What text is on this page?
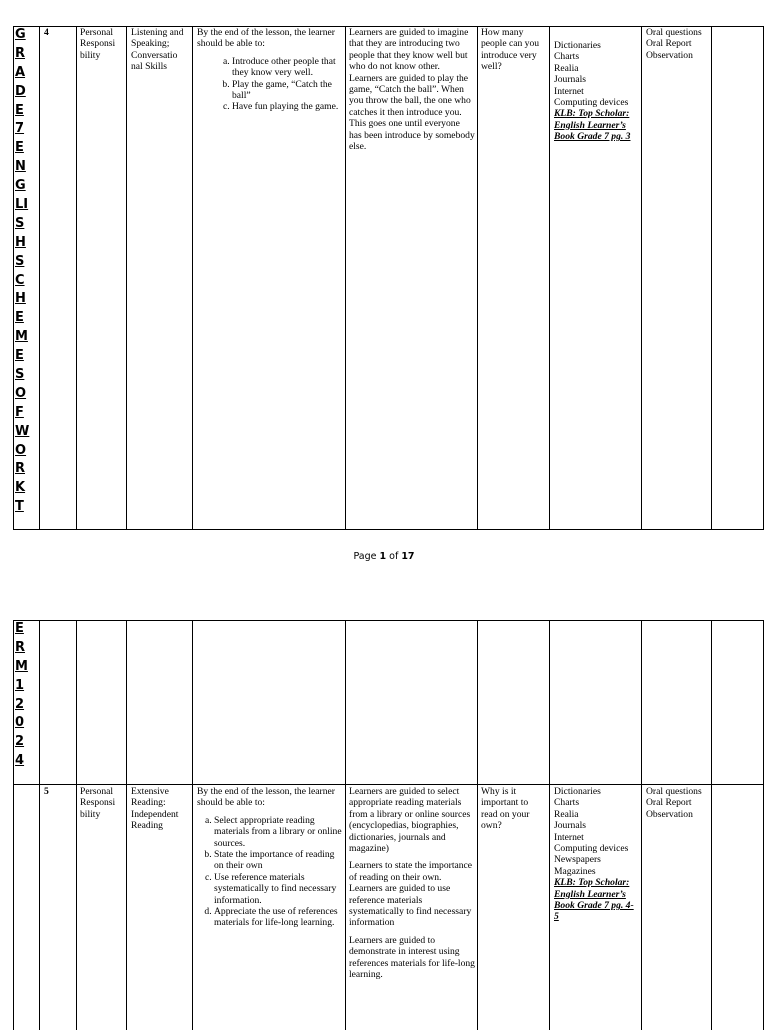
G
R
A
D
E
7
E
N
G
LI
S
H
S
C
H
E
M
E
S
O
F
W
O
R
K
T
4	Personal Responsi bility
Listening and Speaking; Conversatio nal Skills
By the end of the lesson, the learner should be able to:
a. Introduce other people that they know very well.
b. Play the game, “Catch the ball”
c. Have fun playing the game.
Learners are guided to imagine that they are introducing two people that they know well but who do not know other.
Learners are guided to play the game, “Catch the ball”. When you throw the ball, the one who catches it then introduce you. This goes one until everyone has been introduce by somebody else.
How many people can you introduce very well?
Dictionaries
Charts
Realia
Journals
Internet
Computing devices
KLB: Top Scholar: English Learner’s Book Grade 7 pg. 3
Oral questions
Oral Report
Observation
Page 1 of 17
E
R
M
1
2
0
2
4
5	Personal Responsi bility
Extensive Reading: Independent Reading
By the end of the lesson, the learner should be able to:
a. Select appropriate reading materials from a library or online sources.
b. State the importance of reading on their own
c. Use reference materials systematically to find necessary information.
d. Appreciate the use of references materials for life-long learning.
Learners are guided to select appropriate reading materials from a library or online sources (encyclopedias, biographies, dictionaries, journals and magazine)
Learners to state the importance of reading on their own.
Learners are guided to use reference materials systematically to find necessary information
Learners are guided to demonstrate in interest using references materials for life-long learning.
Why is it important to read on your own?
Dictionaries
Charts
Realia
Journals
Internet
Computing devices
Newspapers
Magazines
KLB: Top Scholar: English Learner’s Book Grade 7 pg. 4-5
Oral questions
Oral Report
Observation
